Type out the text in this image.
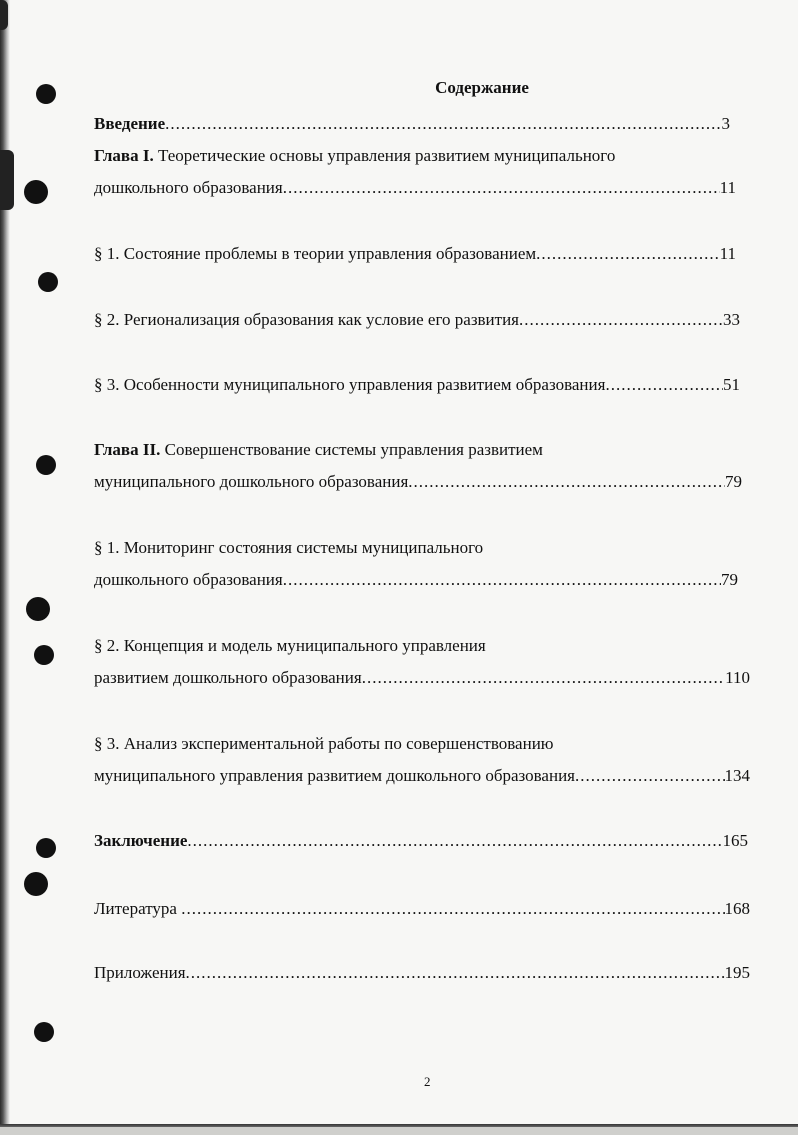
Содержание
Введение .....	3
Глава I. Теоретические основы управления развитием муниципального
дошкольного образования .....	11
§ 1. Состояние проблемы в теории управления образованием .....	11
§ 2. Регионализация образования как условие его развития .....	33
§ 3. Особенности муниципального управления развитием образования .....	51
Глава II. Совершенствование системы управления развитием
муниципального дошкольного образования .....	79
§ 1. Мониторинг состояния системы муниципального
дошкольного образования .....	79
§ 2. Концепция и модель муниципального управления
развитием дошкольного образования .....	110
§ 3. Анализ экспериментальной работы по совершенствованию
муниципального управления развитием дошкольного образования .....	134
Заключение .....	165
Литература .....	168
Приложения .....	195
2
